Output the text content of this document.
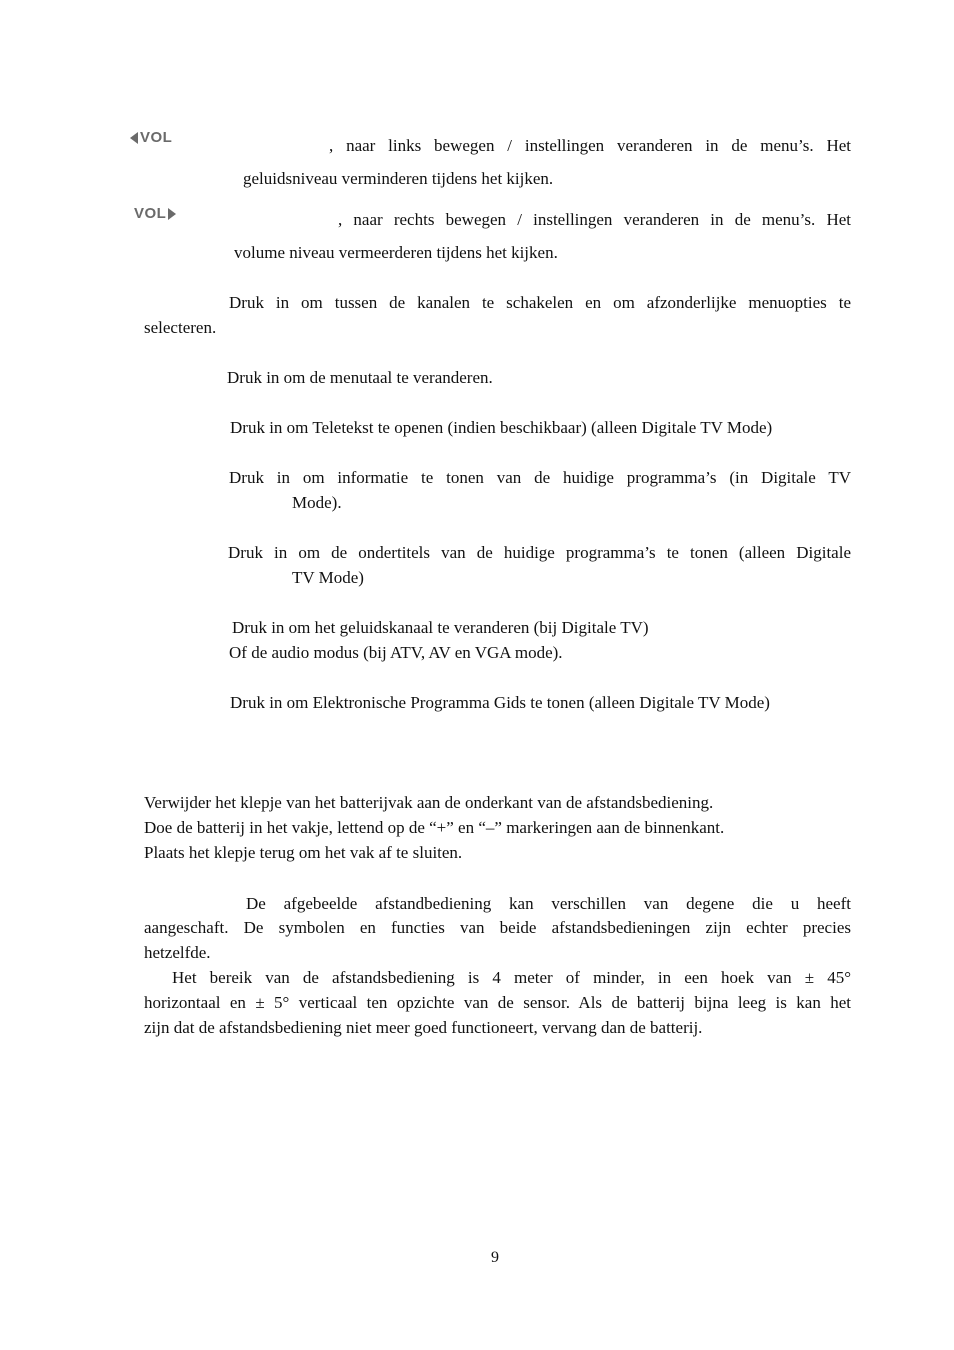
VOL	, naar links bewegen / instellingen veranderen in de menu’s. Het
geluidsniveau verminderen tijdens het kijken.
VOL	, naar rechts bewegen / instellingen veranderen in de menu’s. Het
volume niveau vermeerderen tijdens het kijken.
Druk in om tussen de kanalen te schakelen en om afzonderlijke menuopties te
selecteren.
Druk in om de menutaal te veranderen.
Druk in om Teletekst te openen (indien beschikbaar) (alleen Digitale TV Mode)
Druk in om informatie te tonen van de huidige programma’s (in Digitale TV
Mode).
Druk in om de ondertitels van de huidige programma’s te tonen (alleen Digitale
TV Mode)
Druk in om het geluidskanaal te veranderen (bij Digitale TV)
Of de audio modus (bij ATV, AV en VGA mode).
Druk in om Elektronische Programma Gids te tonen (alleen Digitale TV Mode)
Verwijder het klepje van het batterijvak aan de onderkant van de afstandsbediening.
Doe de batterij in het vakje, lettend op de “+” en “–” markeringen aan de binnenkant.
Plaats het klepje terug om het vak af te sluiten.
De afgebeelde afstandbediening kan verschillen van degene die u heeft
aangeschaft. De symbolen en functies van beide afstandsbedieningen zijn echter precies
hetzelfde.
Het bereik van de afstandsbediening is 4 meter of minder, in een hoek van ± 45°
horizontaal en ± 5° verticaal ten opzichte van de sensor. Als de batterij bijna leeg is kan het
zijn dat de afstandsbediening niet meer goed functioneert, vervang dan de batterij.
9
